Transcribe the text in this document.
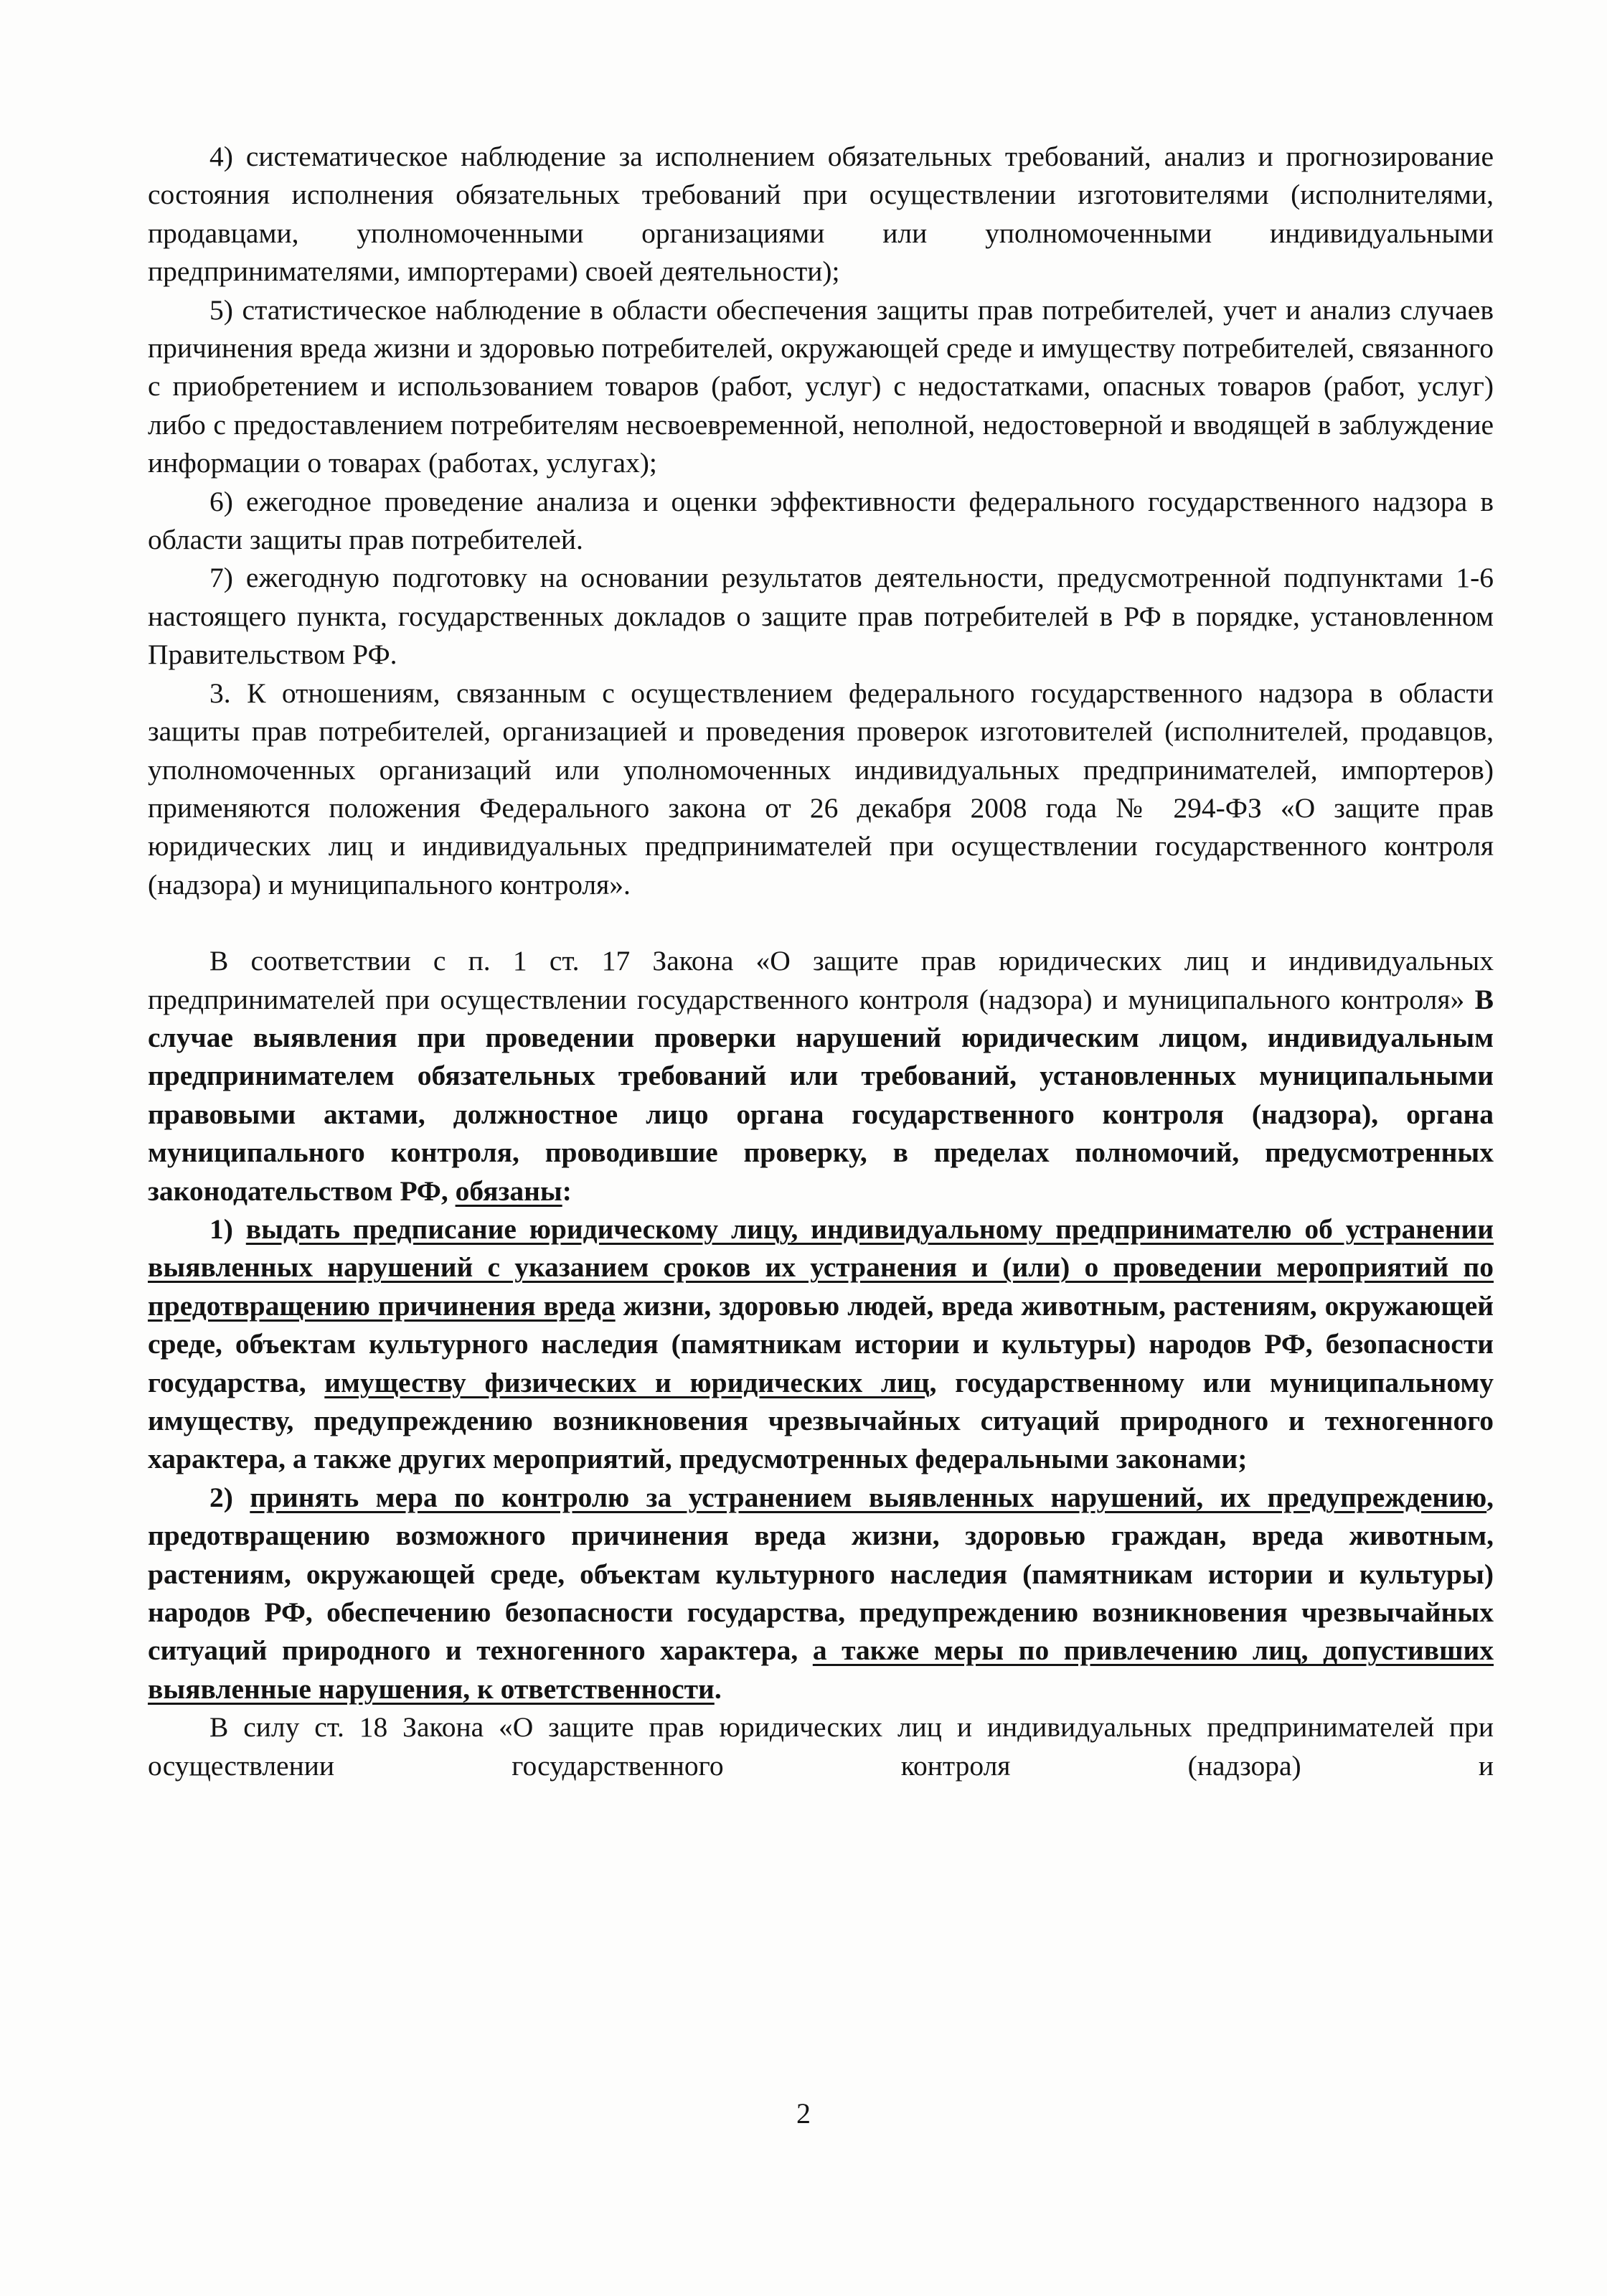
4) систематическое наблюдение за исполнением обязательных требований, анализ и прогнозирование состояния исполнения обязательных требований при осуществлении изготовителями (исполнителями, продавцами, уполномоченными организациями или уполномоченными индивидуальными предпринимателями, импортерами) своей деятельности);

5) статистическое наблюдение в области обеспечения защиты прав потребителей, учет и анализ случаев причинения вреда жизни и здоровью потребителей, окружающей среде и имуществу потребителей, связанного с приобретением и использованием товаров (работ, услуг) с недостатками, опасных товаров (работ, услуг) либо с предоставлением потребителям несвоевременной, неполной, недостоверной и вводящей в заблуждение информации о товарах (работах, услугах);

6) ежегодное проведение анализа и оценки эффективности федерального государственного надзора в области защиты прав потребителей.

7) ежегодную подготовку на основании результатов деятельности, предусмотренной подпунктами 1-6 настоящего пункта, государственных докладов о защите прав потребителей в РФ в порядке, установленном Правительством РФ.

3. К отношениям, связанным с осуществлением федерального государственного надзора в области защиты прав потребителей, организацией и проведения проверок изготовителей (исполнителей, продавцов, уполномоченных организаций или уполномоченных индивидуальных предпринимателей, импортеров) применяются положения Федерального закона от 26 декабря 2008 года № 294-ФЗ «О защите прав юридических лиц и индивидуальных предпринимателей при осуществлении государственного контроля (надзора) и муниципального контроля».

В соответствии с п. 1 ст. 17 Закона «О защите прав юридических лиц и индивидуальных предпринимателей при осуществлении государственного контроля (надзора) и муниципального контроля» В случае выявления при проведении проверки нарушений юридическим лицом, индивидуальным предпринимателем обязательных требований или требований, установленных муниципальными правовыми актами, должностное лицо органа государственного контроля (надзора), органа муниципального контроля, проводившие проверку, в пределах полномочий, предусмотренных законодательством РФ, обязаны:

1) выдать предписание юридическому лицу, индивидуальному предпринимателю об устранении выявленных нарушений с указанием сроков их устранения и (или) о проведении мероприятий по предотвращению причинения вреда жизни, здоровью людей, вреда животным, растениям, окружающей среде, объектам культурного наследия (памятникам истории и культуры) народов РФ, безопасности государства, имуществу физических и юридических лиц, государственному или муниципальному имуществу, предупреждению возникновения чрезвычайных ситуаций природного и техногенного характера, а также других мероприятий, предусмотренных федеральными законами;

2) принять мера по контролю за устранением выявленных нарушений, их предупреждению, предотвращению возможного причинения вреда жизни, здоровью граждан, вреда животным, растениям, окружающей среде, объектам культурного наследия (памятникам истории и культуры) народов РФ, обеспечению безопасности государства, предупреждению возникновения чрезвычайных ситуаций природного и техногенного характера, а также меры по привлечению лиц, допустивших выявленные нарушения, к ответственности.

В силу ст. 18 Закона «О защите прав юридических лиц и индивидуальных предпринимателей при осуществлении государственного контроля (надзора) и

2
